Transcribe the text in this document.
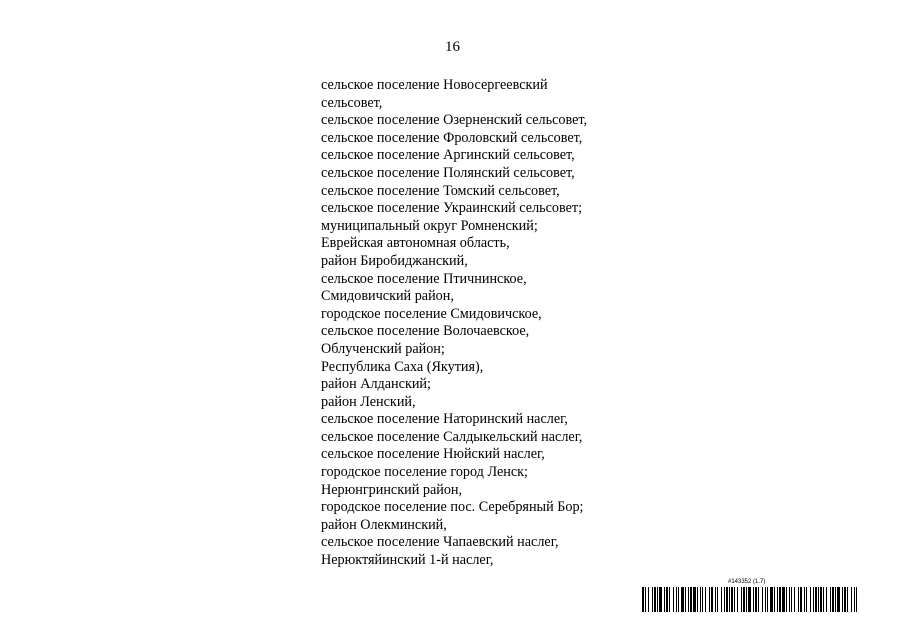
16
сельское поселение Новосергеевский
сельсовет,
сельское поселение Озерненский сельсовет,
сельское поселение Фроловский сельсовет,
сельское поселение Аргинский сельсовет,
сельское поселение Полянский сельсовет,
сельское поселение Томский сельсовет,
сельское поселение Украинский сельсовет;
муниципальный округ Ромненский;
Еврейская автономная область,
район Биробиджанский,
сельское поселение Птичнинское,
Смидовичский район,
городское поселение Смидовичское,
сельское поселение Волочаевское,
Облученский район;
Республика Саха (Якутия),
район Алданский;
район Ленский,
сельское поселение Наторинский наслег,
сельское поселение Салдыкельский наслег,
сельское поселение Нюйский наслег,
городское поселение город Ленск;
Нерюнгринский район,
городское поселение пос. Серебряный Бор;
район Олекминский,
сельское поселение Чапаевский наслег,
Нерюктяйинский 1-й наслег,
#143352 (1.7)
